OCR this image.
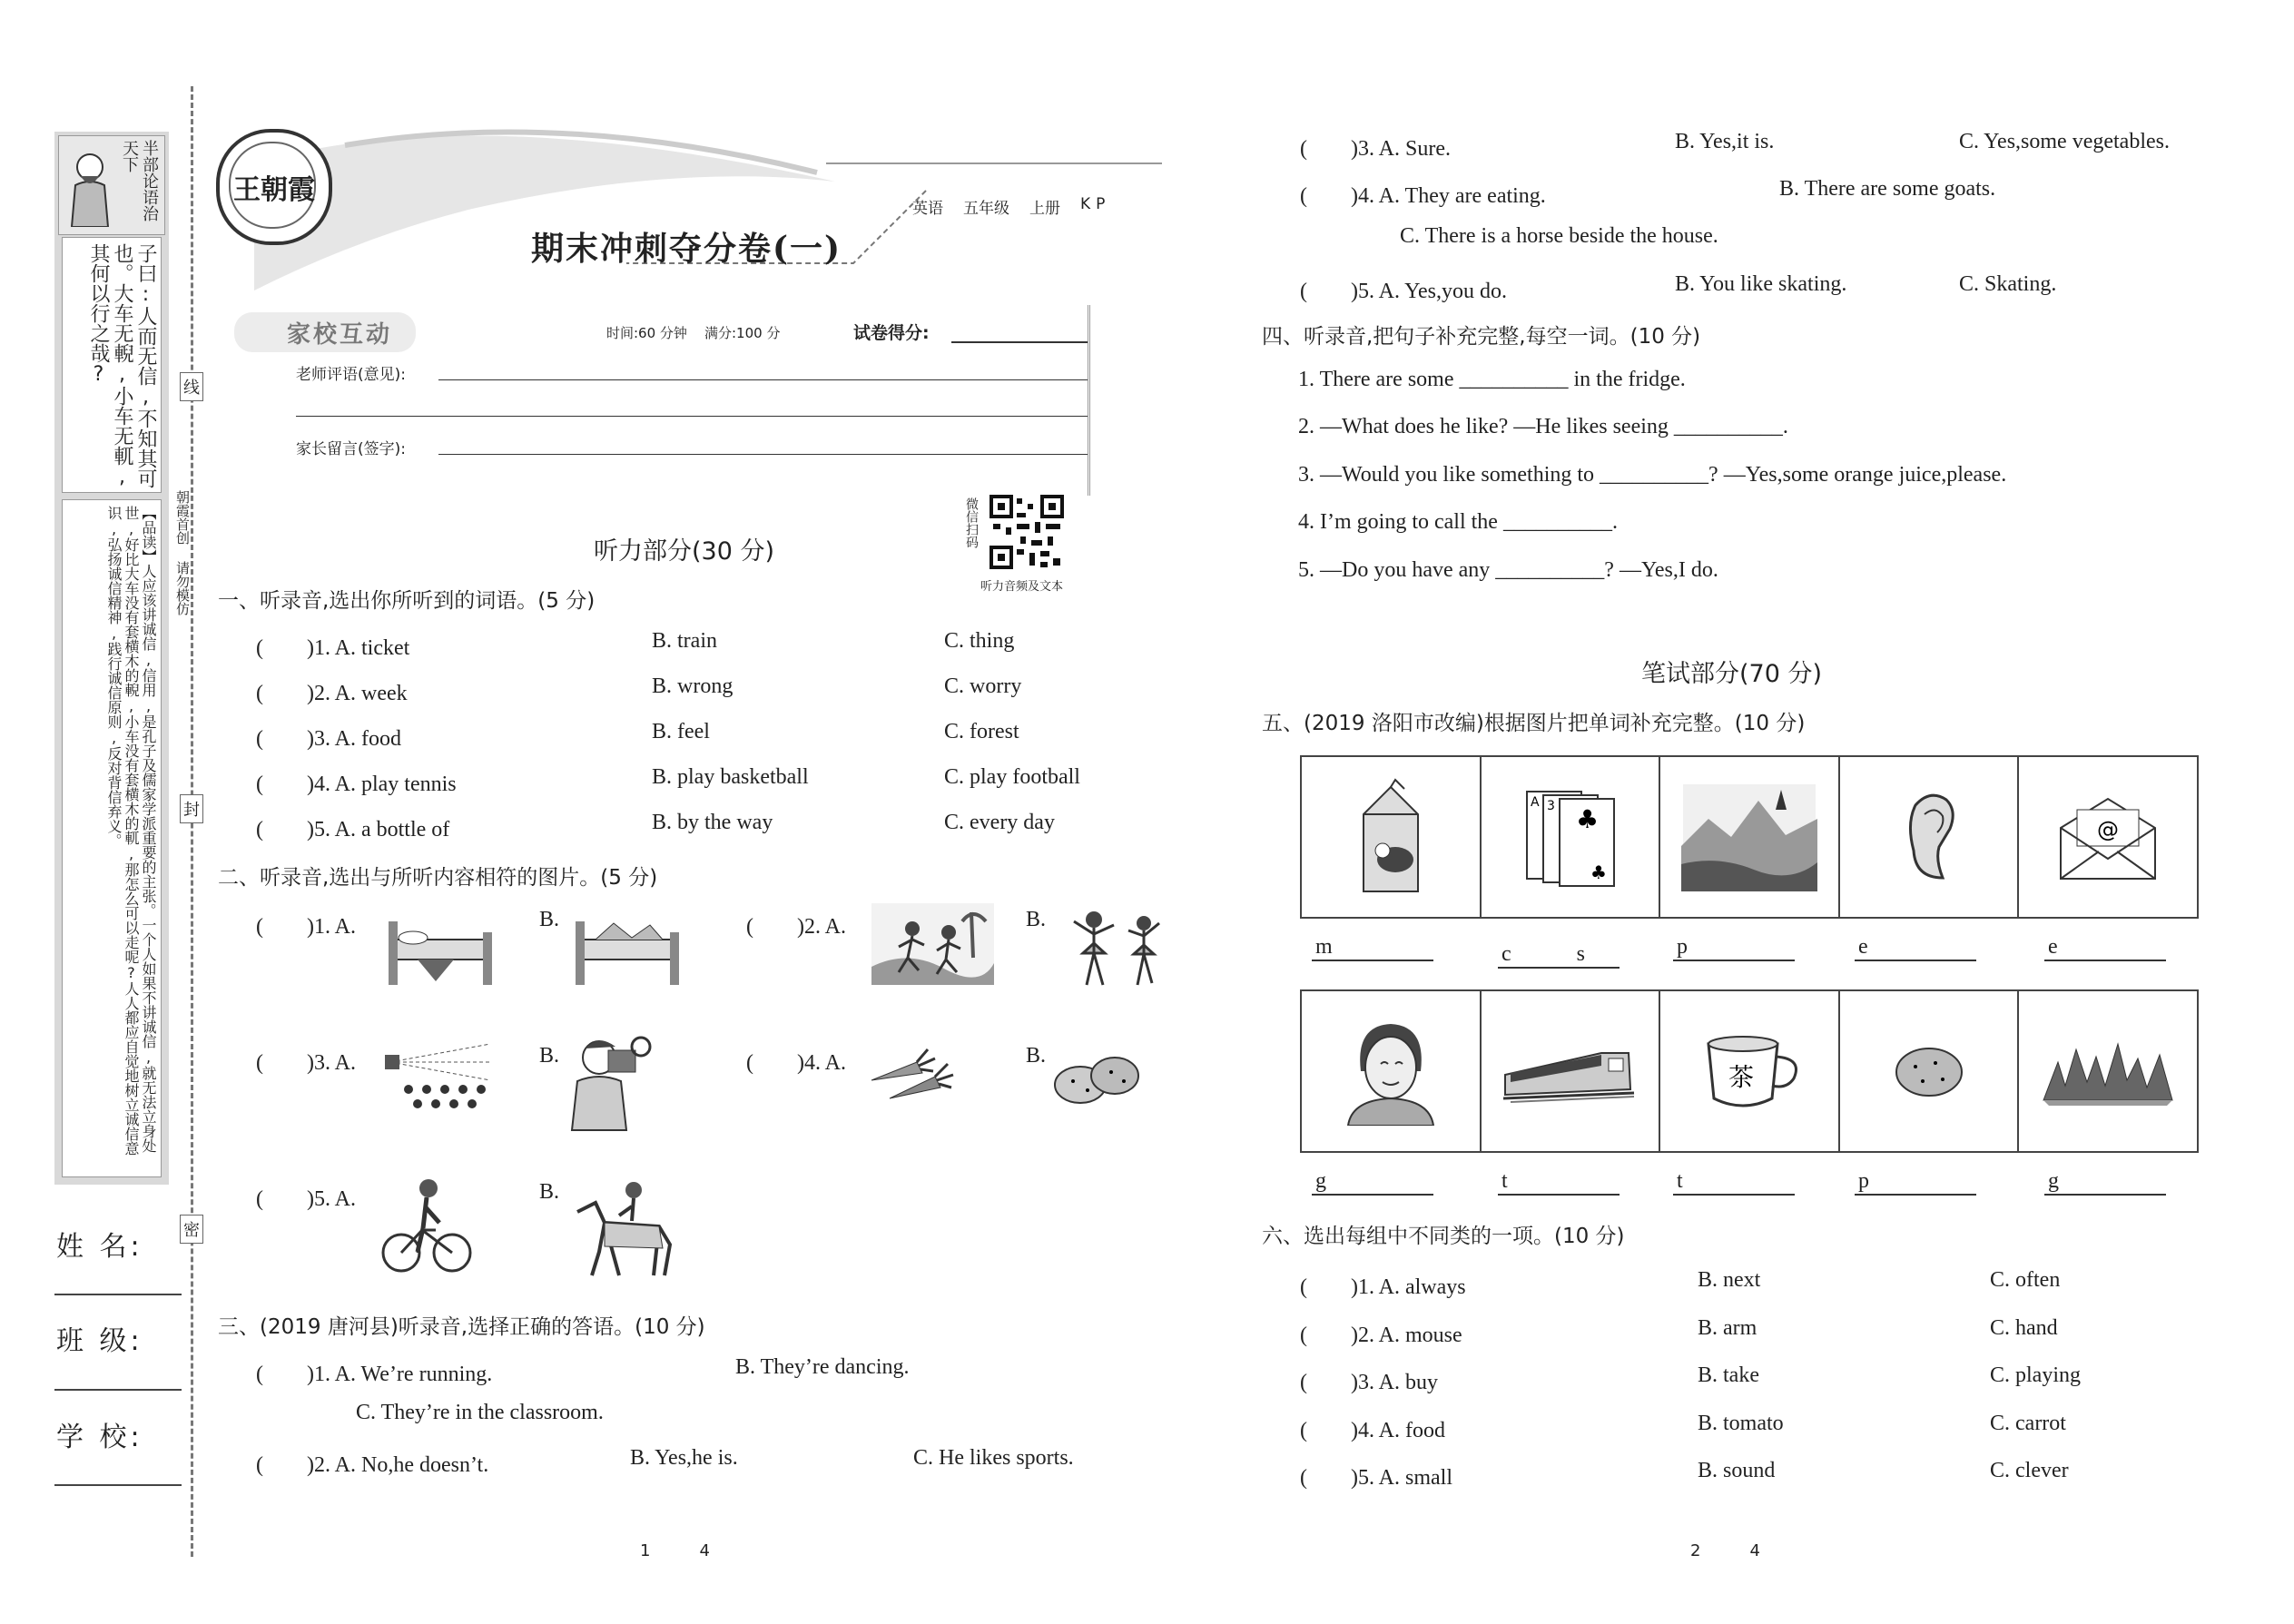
半部论语治天下
子曰:人而无信,不知其可也。大车无輗,小车无軏,其何以行之哉?
【品读】人应该讲诚信,信用,是孔子及儒家学派重要的主张。一个人如果不讲诚信,就无法立身处世,好比大车没有套横木的輗,小车没有套横木的軏,那怎么可以走呢?人人都应自觉地树立诚信意识,弘扬诚信精神,践行诚信原则,反对背信弃义。	朝霞首创 请勿模仿
线
封
密
姓 名:
班 级:
学 校:
王朝霞
英语 五年级 上册 KP
期末冲刺夺分卷(一)
家校互动	时间:60 分钟 满分:100 分	试卷得分:
老师评语(意见):
家长留言(签字):
微信扫码
听力音频及文本
听力部分(30 分)
一、听录音,选出你所听到的词语。(5 分)
(　　)1. A. ticket	B. train	C. thing
(　　)2. A. week	B. wrong	C. worry
(　　)3. A. food	B. feel	C. forest
(　　)4. A. play tennis	B. play basketball	C. play football
(　　)5. A. a bottle of	B. by the way	C. every day
二、听录音,选出与所听内容相符的图片。(5 分)
(　　)1. A.	B.	(　　)2. A.	B.
(　　)3. A.	B.	(　　)4. A.	B.
(　　)5. A.	B.
三、(2019 唐河县)听录音,选择正确的答语。(10 分)
(　　)1. A. We’re running.	B. They’re dancing.
C. They’re in the classroom.
(　　)2. A. No,he doesn’t.	B. Yes,he is.	C. He likes sports.
1　　　4
(　　)3. A. Sure.	B. Yes,it is.	C. Yes,some vegetables.
(　　)4. A. They are eating.	B. There are some goats.
C. There is a horse beside the house.
(　　)5. A. Yes,you do.	B. You like skating.	C. Skating.
四、听录音,把句子补充完整,每空一词。(10 分)
1. There are some __________ in the fridge.
2. —What does he like? —He likes seeing __________.
3. —Would you like something to __________? —Yes,some orange juice,please.
4. I’m going to call the __________.
5. —Do you have any __________? —Yes,I do.
笔试部分(70 分)
五、(2019 洛阳市改编)根据图片把单词补充完整。(10 分)
A 3 ♣
♣
@
m	c　　　s	p	e	e
茶
g	t	t	p	g
六、选出每组中不同类的一项。(10 分)
(　　)1. A. always	B. next	C. often
(　　)2. A. mouse	B. arm	C. hand
(　　)3. A. buy	B. take	C. playing
(　　)4. A. food	B. tomato	C. carrot
(　　)5. A. small	B. sound	C. clever
2　　　4
